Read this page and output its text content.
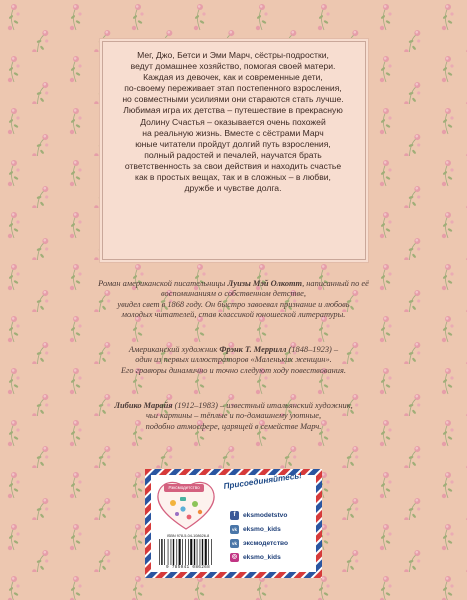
Мег, Джо, Бетси и Эми Марч, сёстры-подростки,
ведут домашнее хозяйство, помогая своей матери.
Каждая из девочек, как и современные дети,
по-своему переживает этап постепенного взросления,
но совместными усилиями они стараются стать лучше.
Любимая игра их детства – путешествие в прекрасную
Долину Счастья – оказывается очень похожей
на реальную жизнь. Вместе с сёстрами Марч
юные читатели пройдут долгий путь взросления,
полный радостей и печалей, научатся брать
ответственность за свои действия и находить счастье
как в простых вещах, так и в сложных – в любви,
дружбе и чувстве долга.

Роман американской писательницы Луизы Мэй Олкотт, написанный по её воспоминаниям о собственном детстве,
увидел свет в 1868 году. Он быстро завоевал признание и любовь
молодых читателей, став классикой юношеской литературы.

Американский художник Фрэнк Т. Меррилл (1848–1923) –
один из первых иллюстраторов «Маленьких женщин».
Его гравюры динамично и точно следуют ходу повествования.

Либико Марайя (1912–1983) – известный итальянский художник,
чьи картины – тёплые и по-домашнему уютные,
подобно атмосфере, царящей в семействе Марч.

#эксмодетство	Присоединяйтесь!
f	eksmodetstvo
vk eksmo_kids
vk эксмодетство
◎ eksmo_kids
ISBN 978-5-04-108626-8
9 785041 086268
